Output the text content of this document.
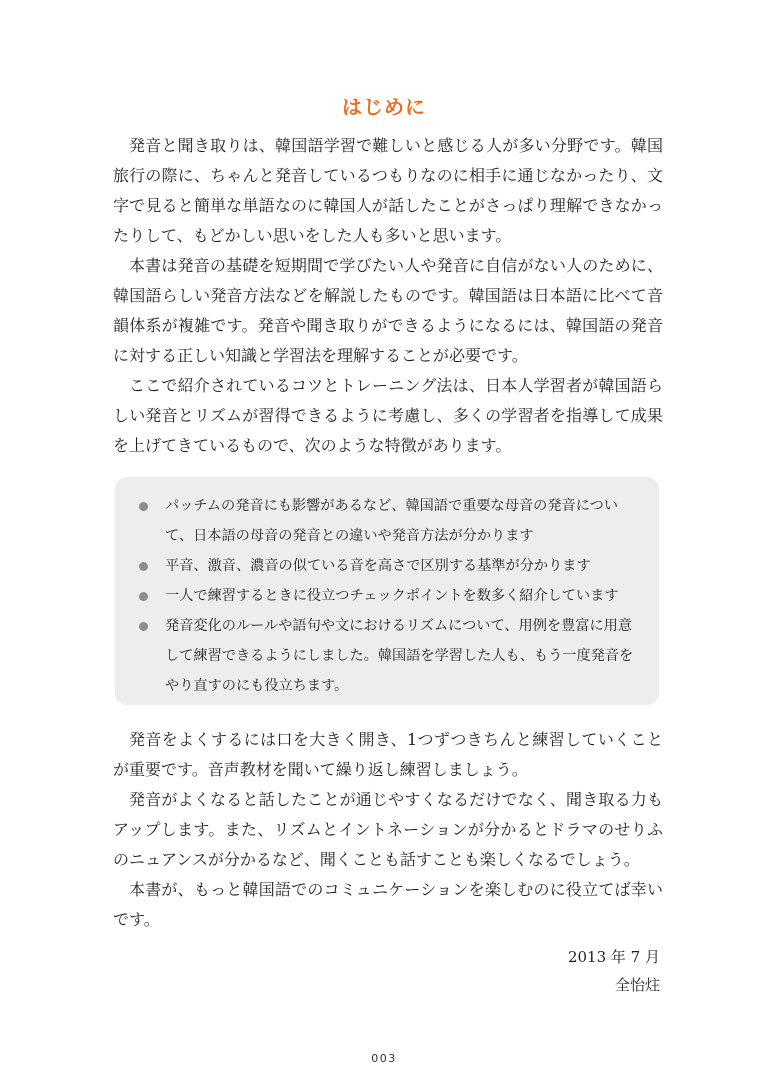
はじめに

発音と聞き取りは、韓国語学習で難しいと感じる人が多い分野です。韓国旅行の際に、ちゃんと発音しているつもりなのに相手に通じなかったり、文字で見ると簡単な単語なのに韓国人が話したことがさっぱり理解できなかったりして、もどかしい思いをした人も多いと思います。

本書は発音の基礎を短期間で学びたい人や発音に自信がない人のために、韓国語らしい発音方法などを解説したものです。韓国語は日本語に比べて音韻体系が複雑です。発音や聞き取りができるようになるには、韓国語の発音に対する正しい知識と学習法を理解することが必要です。

ここで紹介されているコツとトレーニング法は、日本人学習者が韓国語らしい発音とリズムが習得できるように考慮し、多くの学習者を指導して成果を上げてきているもので、次のような特徴があります。

パッチムの発音にも影響があるなど、韓国語で重要な母音の発音について、日本語の母音の発音との違いや発音方法が分かります
平音、激音、濃音の似ている音を高さで区別する基準が分かります
一人で練習するときに役立つチェックポイントを数多く紹介しています
発音変化のルールや語句や文におけるリズムについて、用例を豊富に用意して練習できるようにしました。韓国語を学習した人も、もう一度発音をやり直すのにも役立ちます。

発音をよくするには口を大きく開き、1つずつきちんと練習していくことが重要です。音声教材を聞いて繰り返し練習しましょう。

発音がよくなると話したことが通じやすくなるだけでなく、聞き取る力もアップします。また、リズムとイントネーションが分かるとドラマのせりふのニュアンスが分かるなど、聞くことも話すことも楽しくなるでしょう。

本書が、もっと韓国語でのコミュニケーションを楽しむのに役立てば幸いです。

2013 年 7 月
全怡炷
003
